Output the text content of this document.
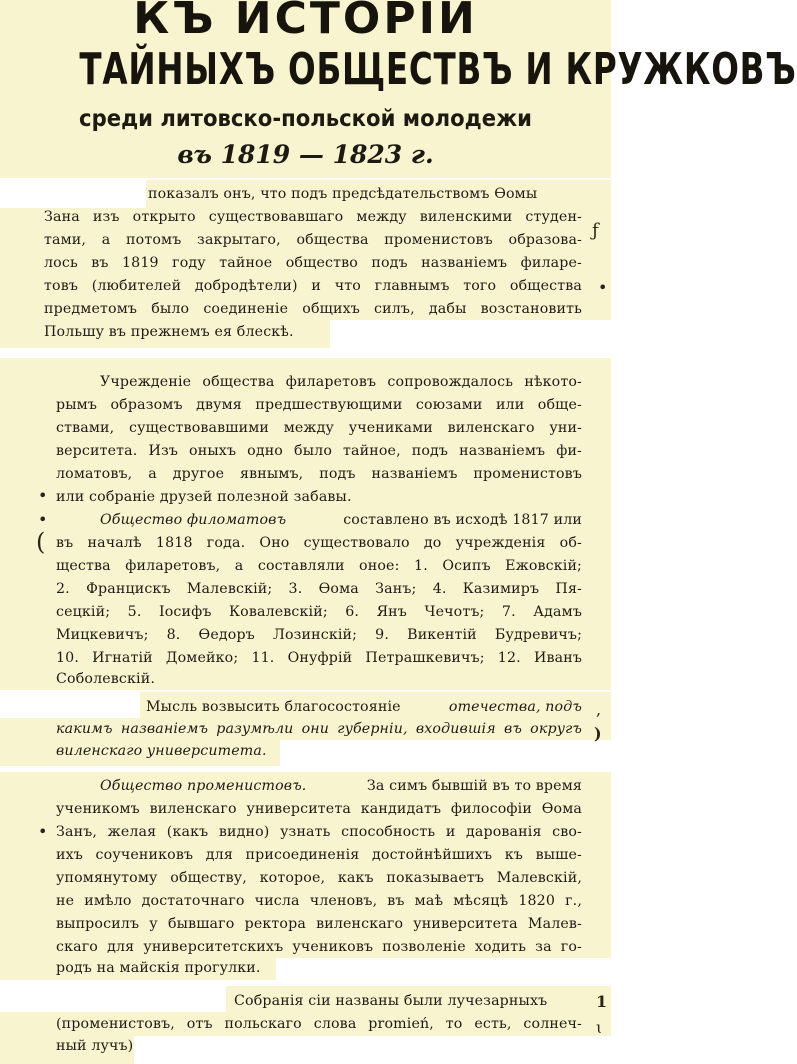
КЪ ИСТОРІИ
ТАЙНЫХЪ ОБЩЕСТВЪ И КРУЖКОВЪ
среди литовско-польской молодежи
въ 1819 — 1823 г.
показалъ онъ, что подъ предсѣдательствомъ Ѳомы
Зана изъ открыто существовавшаго между виленскими студен-
тами, а потомъ закрытаго, общества променистовъ образова-
лось въ 1819 году тайное общество подъ названіемъ филаре-
товъ (любителей добродѣтели) и что главнымъ того общества
предметомъ было соединеніе общихъ силъ, дабы возстановить
Польшу въ прежнемъ ея блескѣ.
ƒ
•
Учрежденіе общества филаретовъ сопровождалось нѣкото-
рымъ образомъ двумя предшествующими союзами или обще-
ствами, существовавшими между учениками виленскаго уни-
верситета. Изъ оныхъ одно было тайное, подъ названіемъ фи-
ломатовъ, а другое явнымъ, подъ названіемъ променистовъ
или собраніе друзей полезной забавы.
Общество филоматовъ	составлено въ исходѣ 1817 или
въ началѣ 1818 года. Оно существовало до учрежденія об-
щества филаретовъ, а составляли оное: 1. Осипъ Ежовскій;
2. Францискъ Малевскій; 3. Ѳома Занъ; 4. Казимиръ Пя-
сецкій; 5. Іосифъ Ковалевскій; 6. Янъ Чечотъ; 7. Адамъ
Мицкевичъ; 8. Ѳедоръ Лозинскій; 9. Викентій Будревичъ;
10. Игнатій Домейко; 11. Онуфрій Петрашкевичъ; 12. Иванъ
Соболевскій.
•
•
(
Мысль возвысить благосостояніе	отечества, подъ
какимъ названіемъ разумѣли они губерніи, входившія въ округъ
виленскаго университета.
,
)
Общество променистовъ.	За симъ бывшій въ то время
ученикомъ виленскаго университета кандидатъ философіи Ѳома
Занъ, желая (какъ видно) узнать способность и дарованія сво-
ихъ соучениковъ для присоединенія достойнѣйшихъ къ выше-
упомянутому обществу, которое, какъ показываетъ Малевскій,
не имѣло достаточнаго числа членовъ, въ маѣ мѣсяцѣ 1820 г.,
выпросилъ у бывшаго ректора виленскаго университета Малев-
скаго для университетскихъ учениковъ позволеніе ходить за го-
родъ на майскія прогулки.
•
Собранія сіи названы были лучезарныхъ
(променистовъ, отъ польскаго слова promień, то есть, солнеч-
ный лучъ)
1
ɩ
